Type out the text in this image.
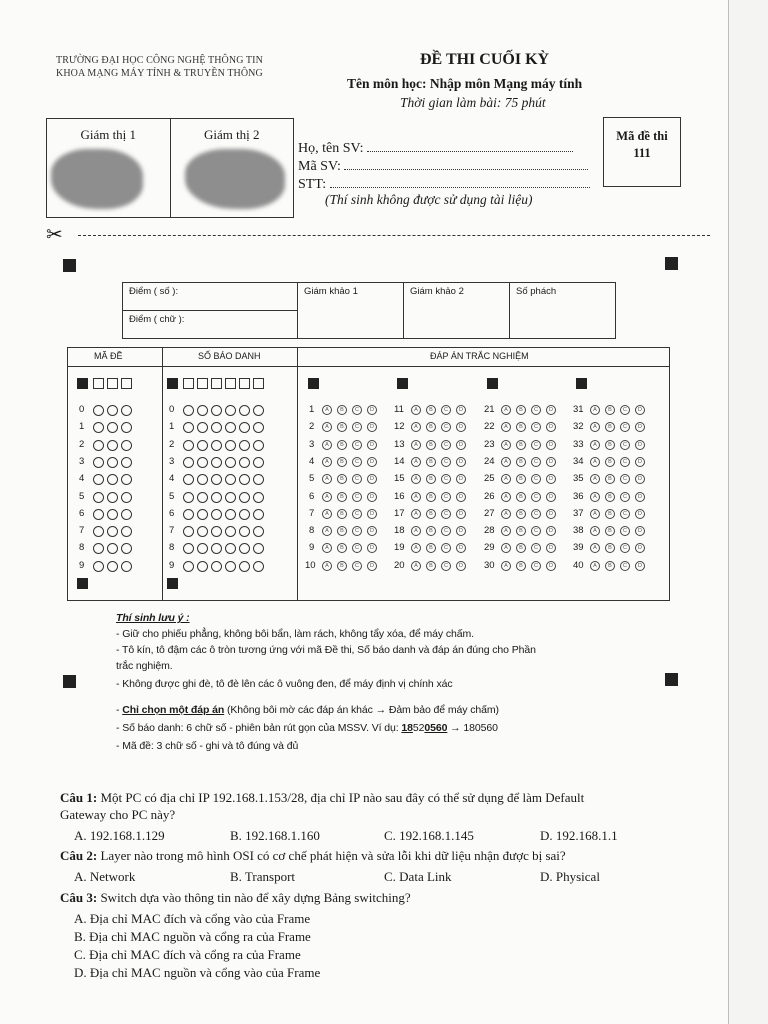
TRƯỜNG ĐẠI HỌC CÔNG NGHỆ THÔNG TIN
KHOA MẠNG MÁY TÍNH & TRUYỀN THÔNG
ĐỀ THI CUỐI KỲ
Tên môn học: Nhập môn Mạng máy tính
Thời gian làm bài: 75 phút
Giám thị 1	Giám thị 2
Họ, tên SV:
Mã SV:
STT:
(Thí sinh không được sử dụng tài liệu)
Mã đề thi
111
✂
Điểm ( số ):	Giám khảo 1	Giám khảo 2	Số phách
Điểm ( chữ ):
MÃ ĐỀ	SỐ BÁO DANH	ĐÁP ÁN TRẮC NGHIỆM
0	0
1	1
2	2
3	3
4	4
5	5
6	6
7	7
8	8
9	9
1	A	B	C	D
2	A	B	C	D
3	A	B	C	D
4	A	B	C	D
5	A	B	C	D
6	A	B	C	D
7	A	B	C	D
8	A	B	C	D
9	A	B	C	D
10	A	B	C	D
11	A	B	C	D
12	A	B	C	D
13	A	B	C	D
14	A	B	C	D
15	A	B	C	D
16	A	B	C	D
17	A	B	C	D
18	A	B	C	D
19	A	B	C	D
20	A	B	C	D
21	A	B	C	D
22	A	B	C	D
23	A	B	C	D
24	A	B	C	D
25	A	B	C	D
26	A	B	C	D
27	A	B	C	D
28	A	B	C	D
29	A	B	C	D
30	A	B	C	D
31	A	B	C	D
32	A	B	C	D
33	A	B	C	D
34	A	B	C	D
35	A	B	C	D
36	A	B	C	D
37	A	B	C	D
38	A	B	C	D
39	A	B	C	D
40	A	B	C	D
Thí sinh lưu ý :
- Giữ cho phiếu phẳng, không bôi bẩn, làm rách, không tẩy xóa, để máy chấm.
- Tô kín, tô đậm các ô tròn tương ứng với mã Đề thi, Số báo danh và đáp án đúng cho Phần
trắc nghiệm.
- Không được ghi đè, tô đè lên các ô vuông đen, để máy định vị chính xác
- Chỉ chọn một đáp án (Không bôi mờ các đáp án khác → Đảm bảo để máy chấm)
- Số báo danh: 6 chữ số - phiên bản rút gọn của MSSV. Ví dụ: 18520560 → 180560
- Mã đề: 3 chữ số - ghi và tô đúng và đủ
Câu 1: Một PC có địa chỉ IP 192.168.1.153/28, địa chỉ IP nào sau đây có thể sử dụng để làm Default
Gateway cho PC này?
A. 192.168.1.129	B. 192.168.1.160	C. 192.168.1.145	D. 192.168.1.1
Câu 2: Layer nào trong mô hình OSI có cơ chế phát hiện và sửa lỗi khi dữ liệu nhận được bị sai?
A. Network	B. Transport	C. Data Link	D. Physical
Câu 3: Switch dựa vào thông tin nào để xây dựng Bảng switching?
A. Địa chỉ MAC đích và cổng vào của Frame
B. Địa chỉ MAC nguồn và cổng ra của Frame
C. Địa chỉ MAC đích và cổng ra của Frame
D. Địa chỉ MAC nguồn và cổng vào của Frame
